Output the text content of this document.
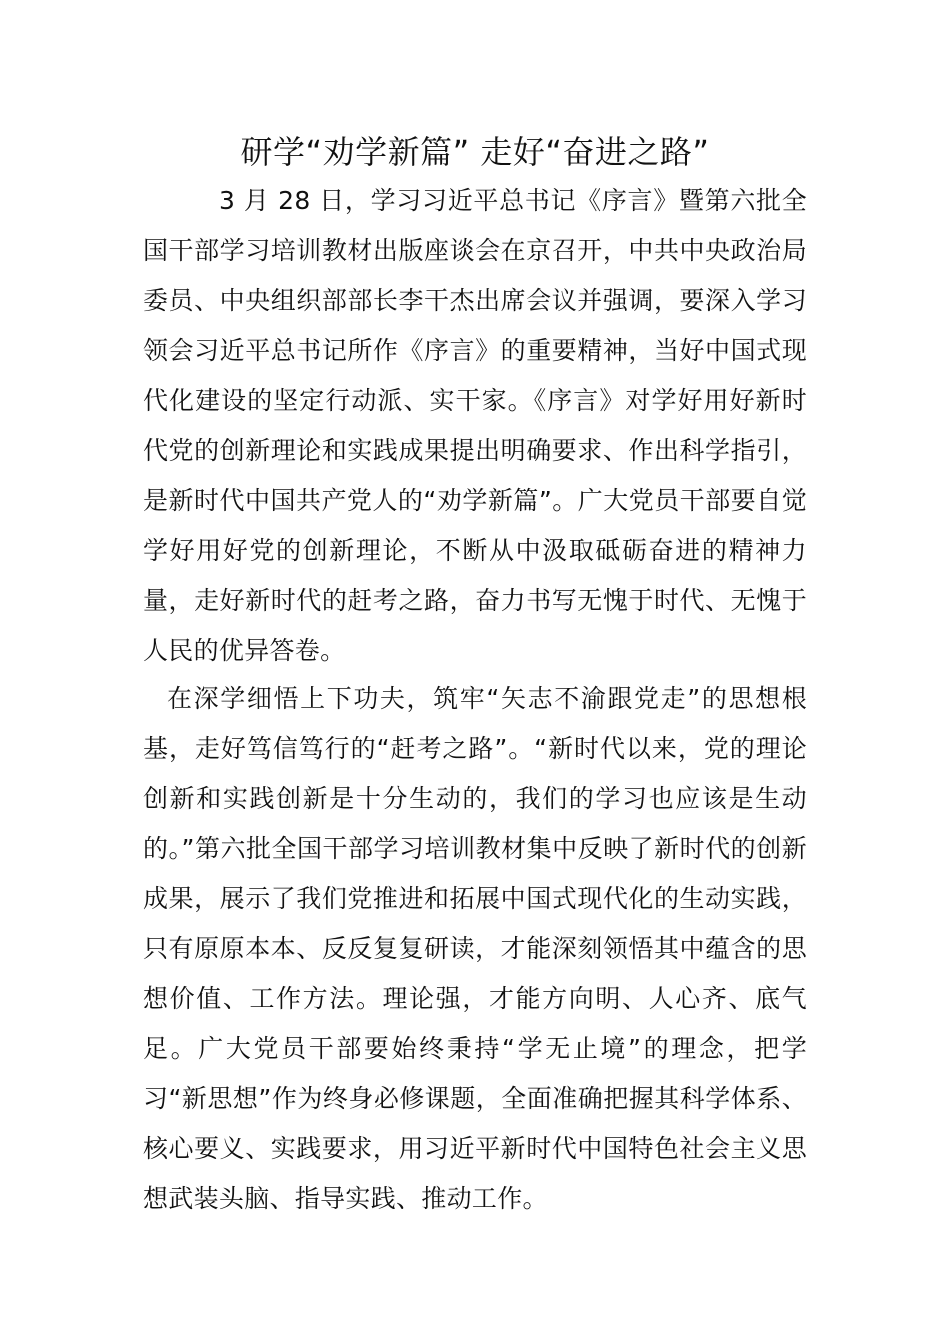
研学“劝学新篇” 走好“奋进之路”

3 月 28 日，学习习近平总书记《序言》暨第六批全国干部学习培训教材出版座谈会在京召开，中共中央政治局委员、中央组织部部长李干杰出席会议并强调，要深入学习领会习近平总书记所作《序言》的重要精神，当好中国式现代化建设的坚定行动派、实干家。《序言》对学好用好新时代党的创新理论和实践成果提出明确要求、作出科学指引，是新时代中国共产党人的“劝学新篇”。广大党员干部要自觉学好用好党的创新理论，不断从中汲取砥砺奋进的精神力量，走好新时代的赶考之路，奋力书写无愧于时代、无愧于人民的优异答卷。

在深学细悟上下功夫，筑牢“矢志不渝跟党走”的思想根基，走好笃信笃行的“赶考之路”。“新时代以来，党的理论创新和实践创新是十分生动的，我们的学习也应该是生动的。”第六批全国干部学习培训教材集中反映了新时代的创新成果，展示了我们党推进和拓展中国式现代化的生动实践，只有原原本本、反反复复研读，才能深刻领悟其中蕴含的思想价值、工作方法。理论强，才能方向明、人心齐、底气足。广大党员干部要始终秉持“学无止境”的理念，把学习“新思想”作为终身必修课题，全面准确把握其科学体系、核心要义、实践要求，用习近平新时代中国特色社会主义思想武装头脑、指导实践、推动工作。
